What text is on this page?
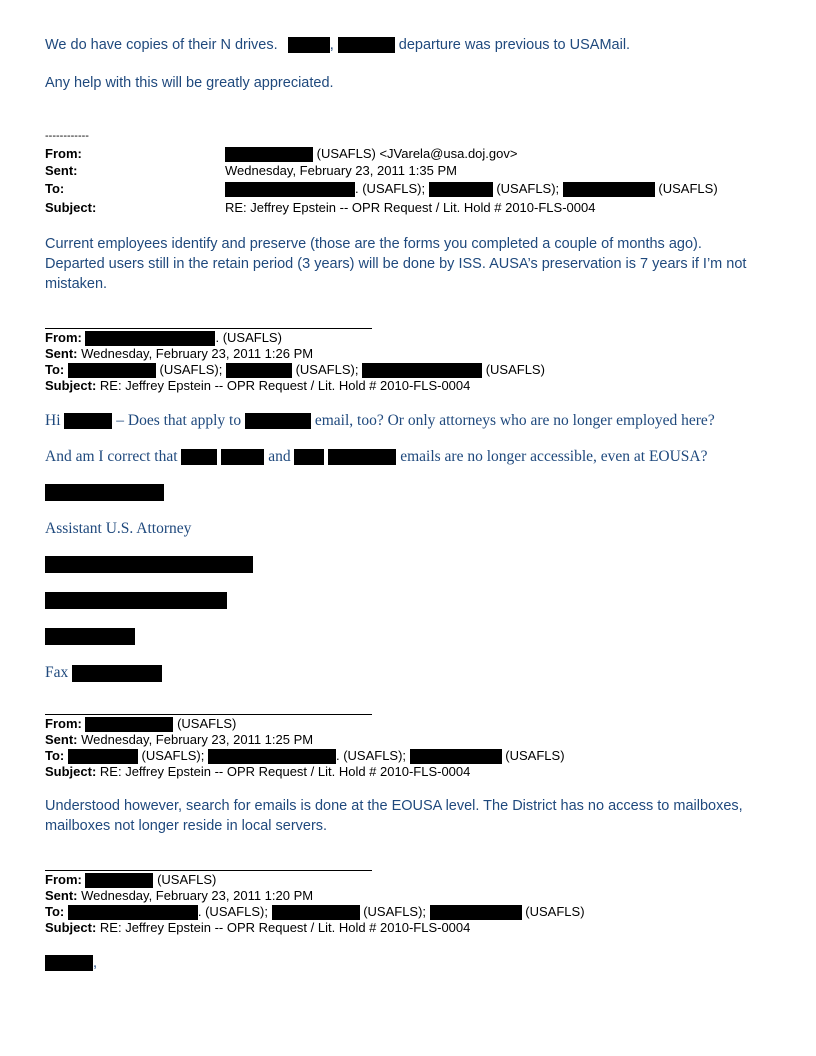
We do have copies of their N drives.	,	departure was previous to USAMail.
Any help with this will be greatly appreciated.
------------
From:	(USAFLS) <JVarela@usa.doj.gov>
Sent:	Wednesday, February 23, 2011 1:35 PM
To:	. (USAFLS);	(USAFLS);	(USAFLS)
Subject:	RE: Jeffrey Epstein -- OPR Request / Lit. Hold # 2010-FLS-0004
Current employees identify and preserve (those are the forms you completed a couple of months ago).
Departed users still in the retain period (3 years) will be done by ISS. AUSA’s preservation is 7 years if I’m not
mistaken.
From:	. (USAFLS)
Sent: Wednesday, February 23, 2011 1:26 PM
To:	(USAFLS);	(USAFLS);	(USAFLS)
Subject: RE: Jeffrey Epstein -- OPR Request / Lit. Hold # 2010-FLS-0004
Hi	– Does that apply to	email, too? Or only attorneys who are no longer employed here?
And am I correct that	and	emails are no longer accessible, even at EOUSA?
Assistant U.S. Attorney
Fax
From:	(USAFLS)
Sent: Wednesday, February 23, 2011 1:25 PM
To:	(USAFLS);	. (USAFLS);	(USAFLS)
Subject: RE: Jeffrey Epstein -- OPR Request / Lit. Hold # 2010-FLS-0004
Understood however, search for emails is done at the EOUSA level. The District has no access to mailboxes,
mailboxes not longer reside in local servers.
From:	(USAFLS)
Sent: Wednesday, February 23, 2011 1:20 PM
To:	. (USAFLS);	(USAFLS);	(USAFLS)
Subject: RE: Jeffrey Epstein -- OPR Request / Lit. Hold # 2010-FLS-0004
,
